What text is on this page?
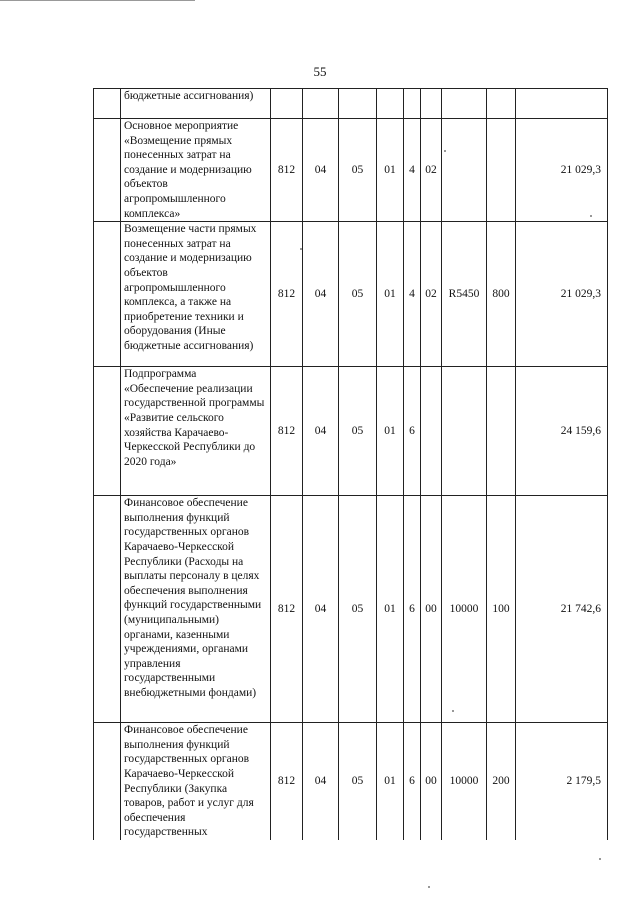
55
	бюджетные ассигнования)									
	Основное мероприятие «Возмещение прямых понесенных затрат на создание и модернизацию объектов агропромышленного комплекса»	812	04	05	01	4	02			21 029,3
	Возмещение части прямых понесенных затрат на создание и модернизацию объектов агропромышленного комплекса, а также на приобретение техники и оборудования (Иные бюджетные ассигнования)	812	04	05	01	4	02	R5450	800	21 029,3
	Подпрограмма «Обеспечение реализации государственной программы «Развитие сельского хозяйства Карачаево-Черкесской Республики до 2020 года»	812	04	05	01	6				24 159,6
	Финансовое обеспечение выполнения функций государственных органов Карачаево-Черкесской Республики (Расходы на выплаты персоналу в целях обеспечения выполнения функций государственными (муниципальными) органами, казенными учреждениями, органами управления государственными внебюджетными фондами)	812	04	05	01	6	00	10000	100	21 742,6
	Финансовое обеспечение выполнения функций государственных органов Карачаево-Черкесской Республики (Закупка товаров, работ и услуг для обеспечения государственных	812	04	05	01	6	00	10000	200	2 179,5
